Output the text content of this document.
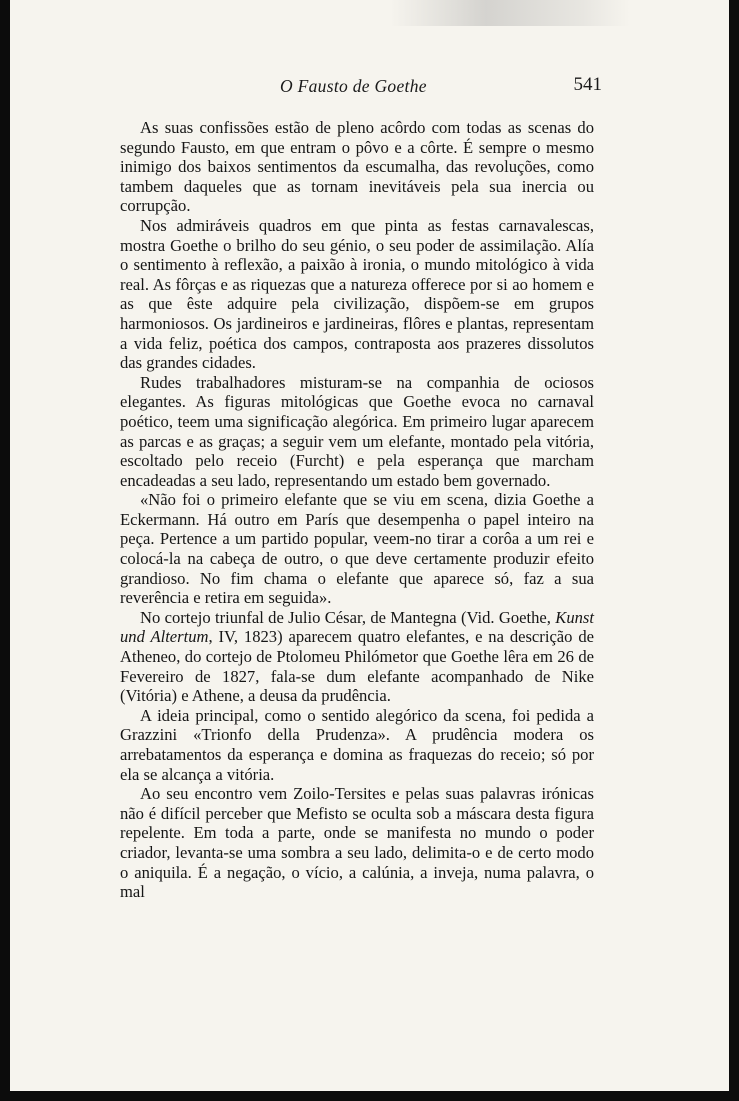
O Fausto de Goethe	541

As suas confissões estão de pleno acôrdo com todas as scenas do segundo Fausto, em que entram o pôvo e a côrte. É sempre o mesmo inimigo dos baixos sentimentos da escumalha, das revoluções, como tambem daqueles que as tornam inevitáveis pela sua inercia ou corrupção.

Nos admiráveis quadros em que pinta as festas carnavalescas, mostra Goethe o brilho do seu génio, o seu poder de assimilação. Alía o sentimento à reflexão, a paixão à ironia, o mundo mitológico à vida real. As fôrças e as riquezas que a natureza offerece por si ao homem e as que êste adquire pela civilização, dispõem-se em grupos harmoniosos. Os jardineiros e jardineiras, flôres e plantas, representam a vida feliz, poética dos campos, contraposta aos prazeres dissolutos das grandes cidades.

Rudes trabalhadores misturam-se na companhia de ociosos elegantes. As figuras mitológicas que Goethe evoca no carnaval poético, teem uma significação alegórica. Em primeiro lugar aparecem as parcas e as graças; a seguir vem um elefante, montado pela vitória, escoltado pelo receio (Furcht) e pela esperança que marcham encadeadas a seu lado, representando um estado bem governado.

«Não foi o primeiro elefante que se viu em scena, dizia Goethe a Eckermann. Há outro em París que desempenha o papel inteiro na peça. Pertence a um partido popular, veem-no tirar a corôa a um rei e colocá-la na cabeça de outro, o que deve certamente produzir efeito grandioso. No fim chama o elefante que aparece só, faz a sua reverência e retira em seguida».

No cortejo triunfal de Julio César, de Mantegna (Vid. Goethe, Kunst und Altertum, IV, 1823) aparecem quatro elefantes, e na descrição de Atheneo, do cortejo de Ptolomeu Philómetor que Goethe lêra em 26 de Fevereiro de 1827, fala-se dum elefante acompanhado de Nike (Vitória) e Athene, a deusa da prudência.

A ideia principal, como o sentido alegórico da scena, foi pedida a Grazzini «Trionfo della Prudenza». A prudência modera os arrebatamentos da esperança e domina as fraquezas do receio; só por ela se alcança a vitória.

Ao seu encontro vem Zoilo-Tersites e pelas suas palavras irónicas não é difícil perceber que Mefisto se oculta sob a máscara desta figura repelente. Em toda a parte, onde se manifesta no mundo o poder criador, levanta-se uma sombra a seu lado, delimita-o e de certo modo o aniquila. É a negação, o vício, a calúnia, a inveja, numa palavra, o mal
